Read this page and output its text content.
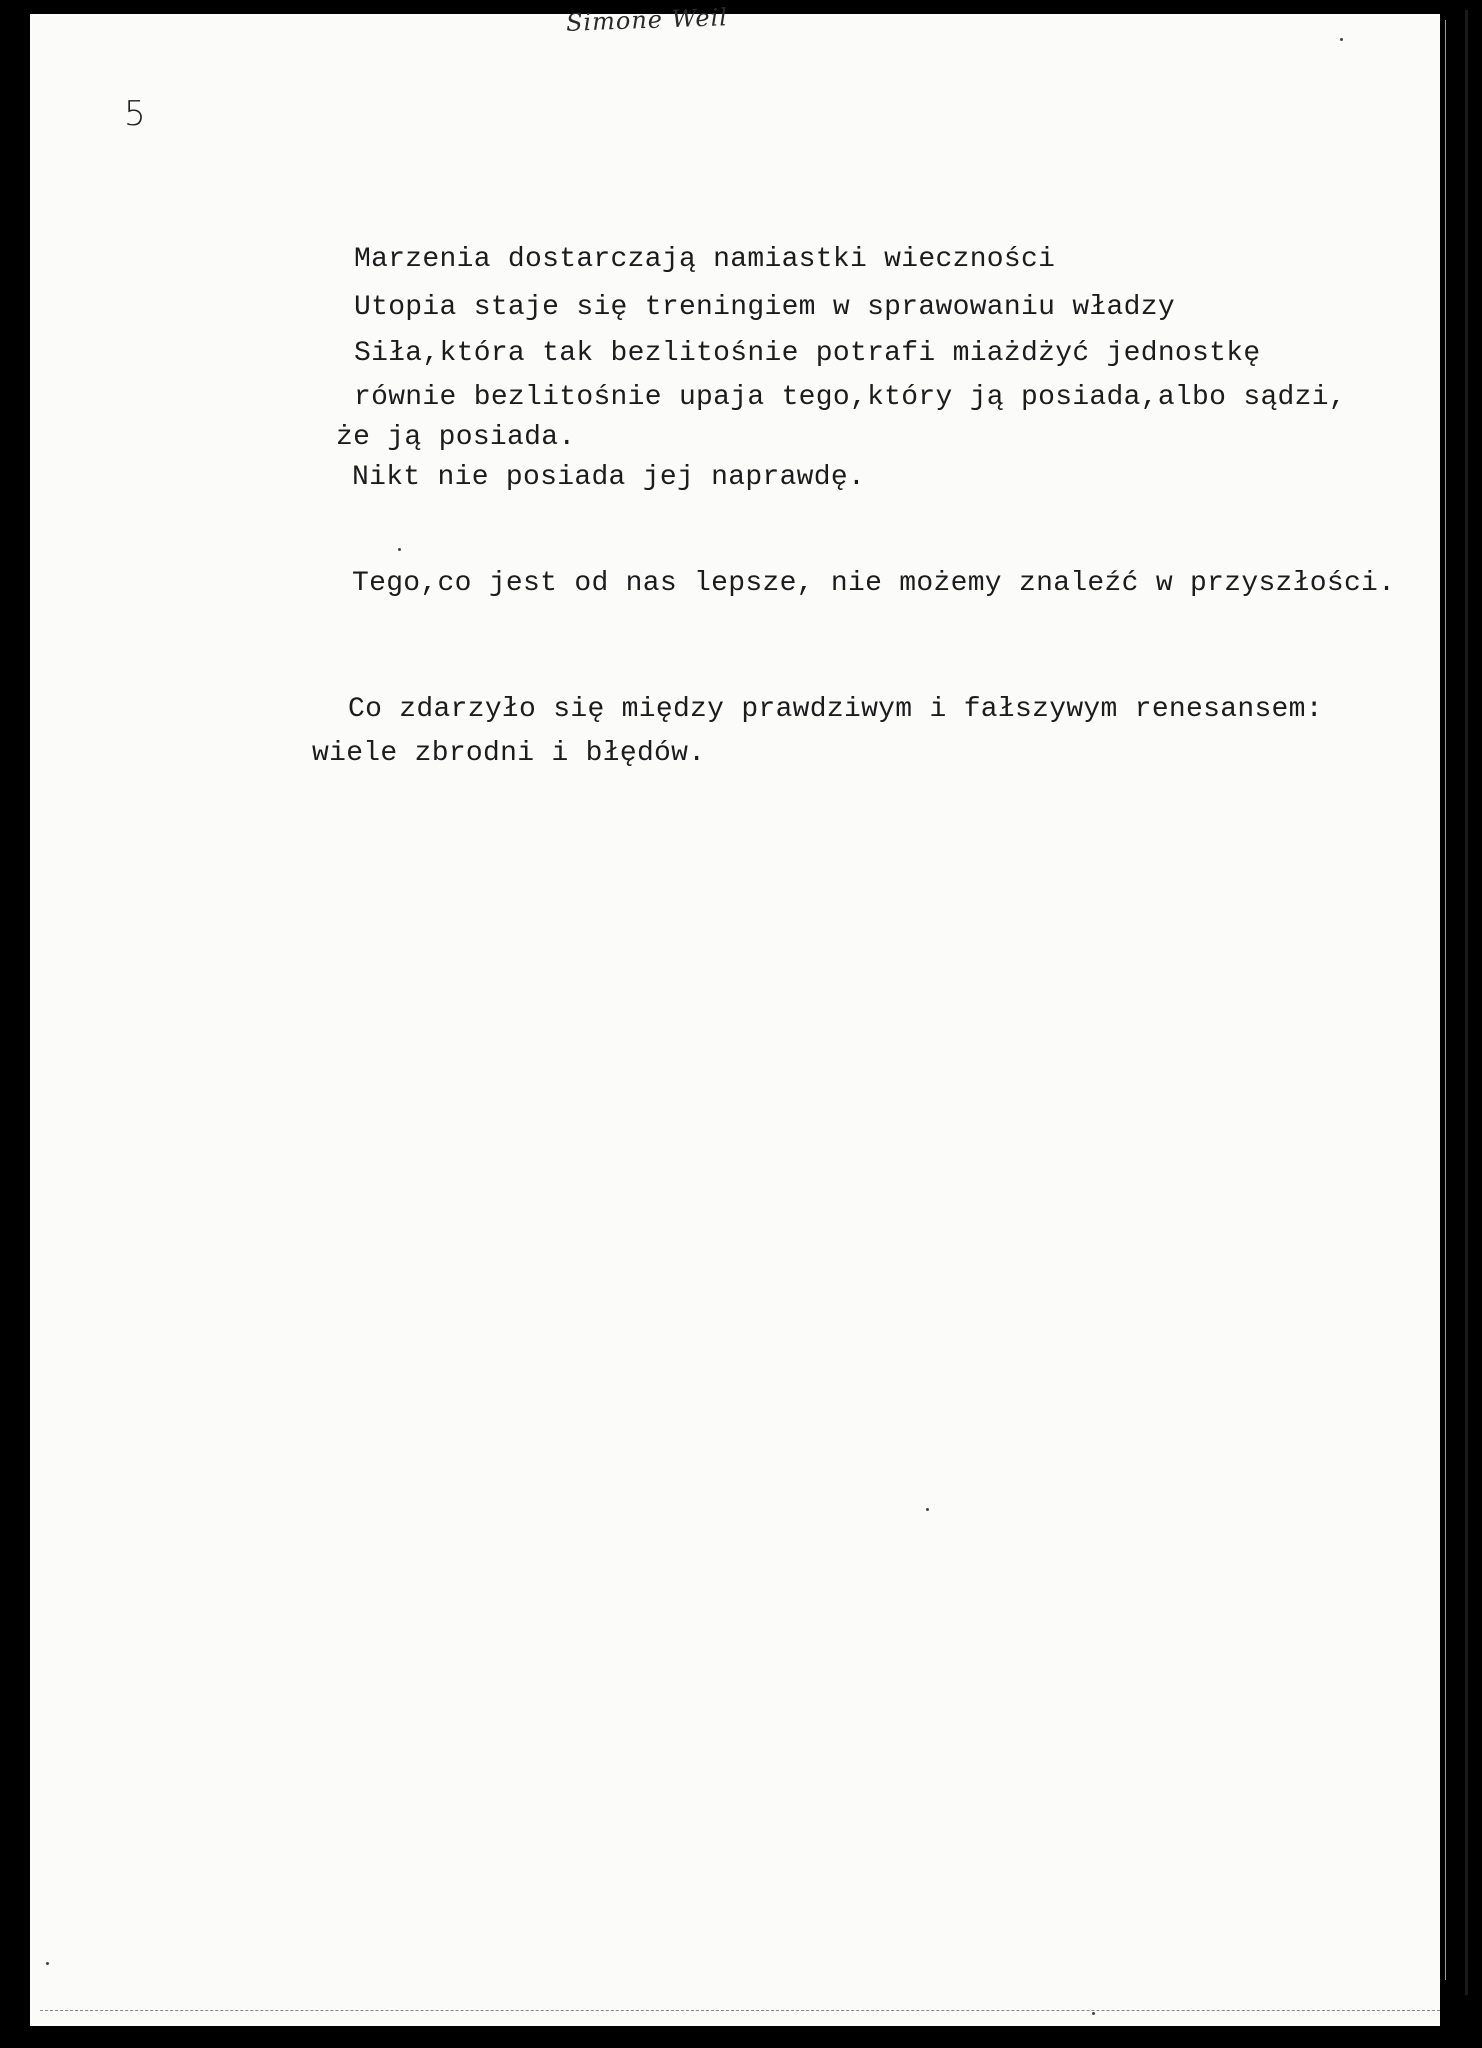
Simone Weil
5
Marzenia dostarczają namiastki wieczności
Utopia staje się treningiem w sprawowaniu władzy
Siła,która tak bezlitośnie potrafi miażdżyć jednostkę
równie bezlitośnie upaja tego,który ją posiada,albo sądzi,
że ją posiada.
Nikt nie posiada jej naprawdę.
Tego,co jest od nas lepsze, nie możemy znaleźć w przyszłości.
Co zdarzyło się między prawdziwym i fałszywym renesansem:
wiele zbrodni i błędów.
